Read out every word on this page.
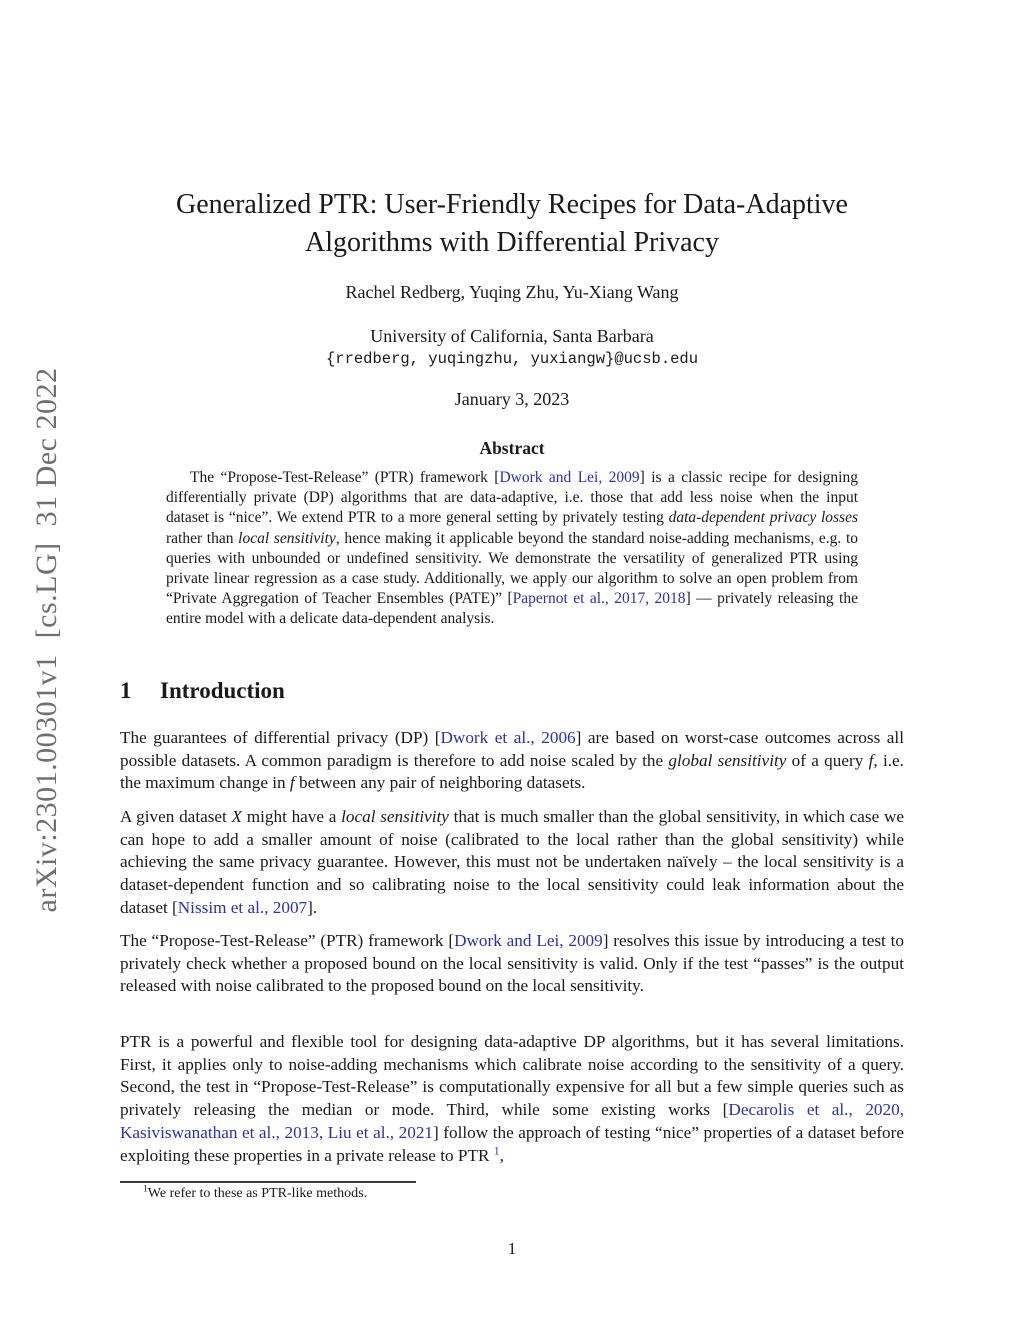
arXiv:2301.00301v1  [cs.LG]  31 Dec 2022
Generalized PTR: User-Friendly Recipes for Data-Adaptive
Algorithms with Differential Privacy
Rachel Redberg, Yuqing Zhu, Yu-Xiang Wang
University of California, Santa Barbara
{rredberg, yuqingzhu, yuxiangw}@ucsb.edu
January 3, 2023
Abstract
The “Propose-Test-Release” (PTR) framework [Dwork and Lei, 2009] is a classic recipe for designing differentially private (DP) algorithms that are data-adaptive, i.e. those that add less noise when the input dataset is “nice”. We extend PTR to a more general setting by privately testing data-dependent privacy losses rather than local sensitivity, hence making it applicable beyond the standard noise-adding mechanisms, e.g. to queries with unbounded or undefined sensitivity. We demonstrate the versatility of generalized PTR using private linear regression as a case study. Additionally, we apply our algorithm to solve an open problem from “Private Aggregation of Teacher Ensembles (PATE)” [Papernot et al., 2017, 2018] — privately releasing the entire model with a delicate data-dependent analysis.
1 Introduction
The guarantees of differential privacy (DP) [Dwork et al., 2006] are based on worst-case outcomes across all possible datasets. A common paradigm is therefore to add noise scaled by the global sensitivity of a query f, i.e. the maximum change in f between any pair of neighboring datasets.
A given dataset X might have a local sensitivity that is much smaller than the global sensitivity, in which case we can hope to add a smaller amount of noise (calibrated to the local rather than the global sensitivity) while achieving the same privacy guarantee. However, this must not be undertaken naïvely – the local sensitivity is a dataset-dependent function and so calibrating noise to the local sensitivity could leak information about the dataset [Nissim et al., 2007].
The “Propose-Test-Release” (PTR) framework [Dwork and Lei, 2009] resolves this issue by introducing a test to privately check whether a proposed bound on the local sensitivity is valid. Only if the test “passes” is the output released with noise calibrated to the proposed bound on the local sensitivity.
PTR is a powerful and flexible tool for designing data-adaptive DP algorithms, but it has several limitations. First, it applies only to noise-adding mechanisms which calibrate noise according to the sensitivity of a query. Second, the test in “Propose-Test-Release” is computationally expensive for all but a few simple queries such as privately releasing the median or mode. Third, while some existing works [Decarolis et al., 2020, Kasiviswanathan et al., 2013, Liu et al., 2021] follow the approach of testing “nice” properties of a dataset before exploiting these properties in a private release to PTR $^1$,
$^1$We refer to these as PTR-like methods.
1
